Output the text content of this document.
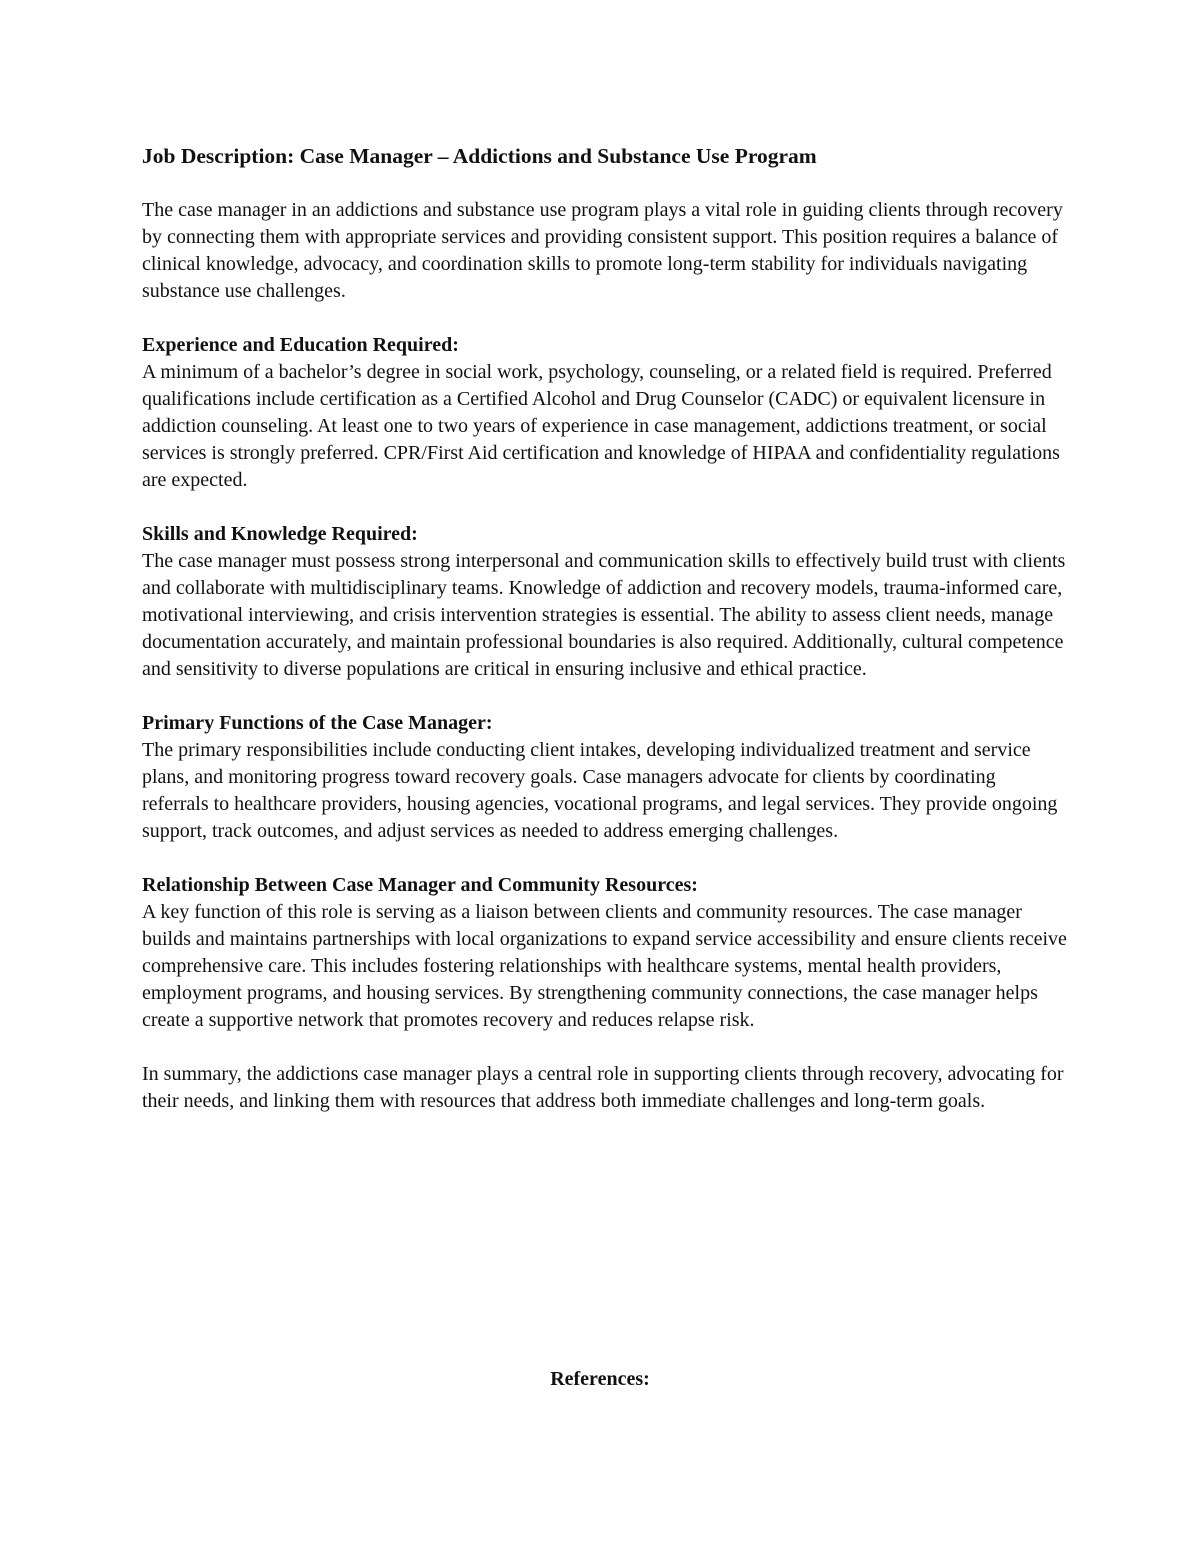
Job Description: Case Manager – Addictions and Substance Use Program

The case manager in an addictions and substance use program plays a vital role in guiding clients through recovery by connecting them with appropriate services and providing consistent support. This position requires a balance of clinical knowledge, advocacy, and coordination skills to promote long-term stability for individuals navigating substance use challenges.

Experience and Education Required:

A minimum of a bachelor’s degree in social work, psychology, counseling, or a related field is required. Preferred qualifications include certification as a Certified Alcohol and Drug Counselor (CADC) or equivalent licensure in addiction counseling. At least one to two years of experience in case management, addictions treatment, or social services is strongly preferred. CPR/First Aid certification and knowledge of HIPAA and confidentiality regulations are expected.

Skills and Knowledge Required:

The case manager must possess strong interpersonal and communication skills to effectively build trust with clients and collaborate with multidisciplinary teams. Knowledge of addiction and recovery models, trauma-informed care, motivational interviewing, and crisis intervention strategies is essential. The ability to assess client needs, manage documentation accurately, and maintain professional boundaries is also required. Additionally, cultural competence and sensitivity to diverse populations are critical in ensuring inclusive and ethical practice.

Primary Functions of the Case Manager:

The primary responsibilities include conducting client intakes, developing individualized treatment and service plans, and monitoring progress toward recovery goals. Case managers advocate for clients by coordinating referrals to healthcare providers, housing agencies, vocational programs, and legal services. They provide ongoing support, track outcomes, and adjust services as needed to address emerging challenges.

Relationship Between Case Manager and Community Resources:

A key function of this role is serving as a liaison between clients and community resources. The case manager builds and maintains partnerships with local organizations to expand service accessibility and ensure clients receive comprehensive care. This includes fostering relationships with healthcare systems, mental health providers, employment programs, and housing services. By strengthening community connections, the case manager helps create a supportive network that promotes recovery and reduces relapse risk.

In summary, the addictions case manager plays a central role in supporting clients through recovery, advocating for their needs, and linking them with resources that address both immediate challenges and long-term goals.

References:
